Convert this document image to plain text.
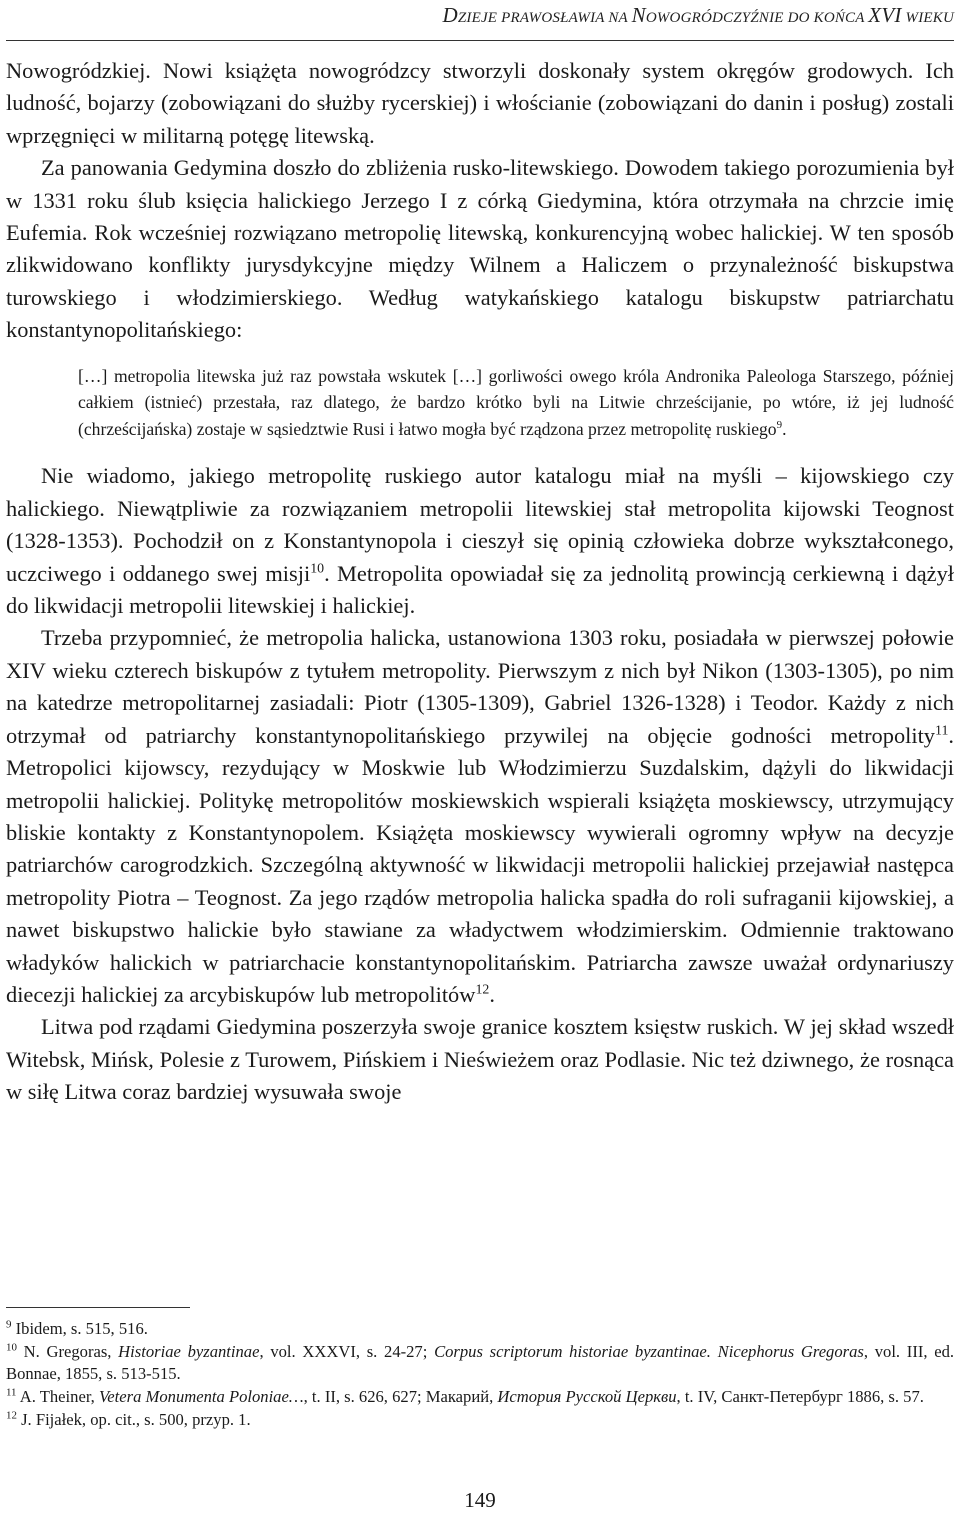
DZIEJE PRAWOSŁAWIA NA NOWOGRÓDCZYŹNIE DO KOŃCA XVI WIEKU

Nowogródzkiej. Nowi książęta nowogródzcy stworzyli doskonały system okręgów grodowych. Ich ludność, bojarzy (zobowiązani do służby rycerskiej) i włościanie (zobowiązani do danin i posług) zostali wprzęgnięci w militarną potęgę litewską.

Za panowania Gedymina doszło do zbliżenia rusko-litewskiego. Dowodem takiego porozumienia był w 1331 roku ślub księcia halickiego Jerzego I z córką Giedymina, która otrzymała na chrzcie imię Eufemia. Rok wcześniej rozwiązano metropolię litewską, konkurencyjną wobec halickiej. W ten sposób zlikwidowano konflikty jurysdykcyjne między Wilnem a Haliczem o przynależność biskupstwa turowskiego i włodzimierskiego. Według watykańskiego katalogu biskupstw patriarchatu konstantynopolitańskiego:

[…] metropolia litewska już raz powstała wskutek […] gorliwości owego króla Andronika Paleologa Starszego, później całkiem (istnieć) przestała, raz dlatego, że bardzo krótko byli na Litwie chrześcijanie, po wtóre, iż jej ludność (chrześcijańska) zostaje w sąsiedztwie Rusi i łatwo mogła być rządzona przez metropolitę ruskiego$^9$.

Nie wiadomo, jakiego metropolitę ruskiego autor katalogu miał na myśli – kijowskiego czy halickiego. Niewątpliwie za rozwiązaniem metropolii litewskiej stał metropolita kijowski Teognost (1328-1353). Pochodził on z Konstantynopola i cieszył się opinią człowieka dobrze wykształconego, uczciwego i oddanego swej misji$^{10}$. Metropolita opowiadał się za jednolitą prowincją cerkiewną i dążył do likwidacji metropolii litewskiej i halickiej.

Trzeba przypomnieć, że metropolia halicka, ustanowiona 1303 roku, posiadała w pierwszej połowie XIV wieku czterech biskupów z tytułem metropolity. Pierwszym z nich był Nikon (1303-1305), po nim na katedrze metropolitarnej zasiadali: Piotr (1305-1309), Gabriel 1326-1328) i Teodor. Każdy z nich otrzymał od patriarchy konstantynopolitańskiego przywilej na objęcie godności metropolity$^{11}$. Metropolici kijowscy, rezydujący w Moskwie lub Włodzimierzu Suzdalskim, dążyli do likwidacji metropolii halickiej. Politykę metropolitów moskiewskich wspierali książęta moskiewscy, utrzymujący bliskie kontakty z Konstantynopolem. Książęta moskiewscy wywierali ogromny wpływ na decyzje patriarchów carogrodzkich. Szczególną aktywność w likwidacji metropolii halickiej przejawiał następca metropolity Piotra – Teognost. Za jego rządów metropolia halicka spadła do roli sufraganii kijowskiej, a nawet biskupstwo halickie było stawiane za władyctwem włodzimierskim. Odmiennie traktowano władyków halickich w patriarchacie konstantynopolitańskim. Patriarcha zawsze uważał ordynariuszy diecezji halickiej za arcybiskupów lub metropolitów$^{12}$.

Litwa pod rządami Giedymina poszerzyła swoje granice kosztem księstw ruskich. W jej skład wszedł Witebsk, Mińsk, Polesie z Turowem, Pińskiem i Nieświeżem oraz Podlasie. Nic też dziwnego, że rosnąca w siłę Litwa coraz bardziej wysuwała swoje

$^9$ Ibidem, s. 515, 516.

$^{10}$ N. Gregoras, Historiae byzantinae, vol. XXXVI, s. 24-27; Corpus scriptorum historiae byzantinae. Nicephorus Gregoras, vol. III, ed. Bonnae, 1855, s. 513-515.

$^{11}$ A. Theiner, Vetera Monumenta Poloniae…, t. II, s. 626, 627; Макарий, История Русской Церкви, t. IV, Санкт-Петербург 1886, s. 57.

$^{12}$ J. Fijałek, op. cit., s. 500, przyp. 1.

149
